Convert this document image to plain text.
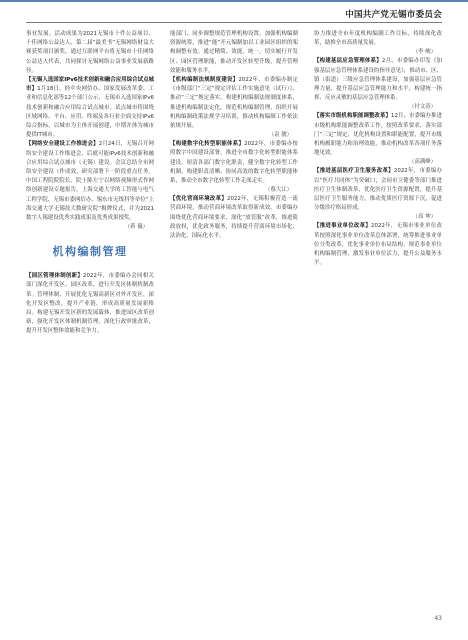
中国共产党无锡市委员会

事业发展。活动成果为2021无锡市十件公益项目、十佳网络公益达人、第二届“最美书”无锡网络财益大赛获奖项目颁奖，通过互联网平台将无锡市十佳网络公益达人代表，共同探讨无锡网络公益事业发展新路径。

【无锡入选国家IPv6技术创新和融合应用综合试点城市】1月18日，经中央网信办、国家发展改革委、工业和信息化部等12个部门公示，无锡市入选国家IPv6技术创新和融合应用综合试点城市。试点城市将围绕区域网络、平台、应用、终端及各行业全面支持IPv6综合指标，以城市为主体开展创建，中期并体为城市提供IT城市。

【网络安全建设工作推进会】2月24日，无锡召开网络安全建设工作推进会。后就可能IPv6技术创新和融合应用综合试点城市（无锡）建设。会议总结全市网络安全建设（作成效，研究部署下一阶段重点任务。中国工程院院院长、院士陈左宁以网络视频形式作网络创新建设专题报告。上海交通大学的工智能与电气工程学院、无锡市委网信办、锡东市无线科等单位“上海交通大学无锡技大数研究院”揭牌仪式，并为2021数字人锡建设优秀实践成果及优秀成果授奖。

（蒋 薇）

机构编制管理

【园区管理体制创新】2022年，市委编办会同相关部门深化开发区、园区改革，进行开发区体制机制改革。管理体制、开展优化无锡高新区对外开发区，深化开发区整改，提升产业链，形成高质量发展新格局。构建无锡开发区新的发展载体，推进园区改革创新，强化开发区体制机制管理，深化行政审批改革，提升开发区整体效能和竞争力。

能部门、同步调整规范管理机构设置，加强机构编制资源统筹，推进“能”开元编制加以工业园区组织的架构调整有效。通过精简、效能、统一。切实履行开发区、园区管理职能，推动开发区转型升级，提升管理效能和服务水平。

【机构编制法规制度建设】2022年，市委编办制定《市级部门“三定”规定评估工作实施意见（试行）》、推动“三定”规定落实。构建机构编制法规制度体系，推进机构编制法定化，规范机构编制管理，组织开展机构编制政策法规学习培训，推动机构编制工作依法依规开展。

（袁 靓）

【构建数字化转型职能体系】2022年，市委编办按照数字中国建设部署，推进全市数字化转型职能体系建设，厘清各部门数字化职责，健全数字化转型工作机制，构建职责清晰、协同高效的数字化转型职能体系，推动全市数字化转型工作走深走实。

（蔡大江）

【优化营商环境改革】2022年，无锡积极营造一流营商环境，推动营商环境改革取得新成效。市委编办围绕优化营商环境要求，深化“放管服”改革，推进简政放权，优化政务服务，持续提升营商环境市场化、法治化、国际化水平。

协力推进全市年度机构编制工作目标，持续深化改革，助推全市高质量发展。

（李 峻）

【构建基层应急管理体系】2月，市委编办印发《加强基层应急管理体系建设的指导意见》，推动市、区、镇（街道）三级应急管理体系建设，加强基层应急管理力量，提升基层应急管理能力和水平，构建统一指挥、反应灵敏的基层应急管理体系。

（付文涛）

【落实市级机构职能调整改革】12月，市委编办推进市级机构职能调整改革工作，按照改革要求，落实部门“三定”规定，优化机构设置和职能配置，提升市级机构履职能力和治理效能，推动机构改革各项任务落地见效。

（高满峰）

【推进基层医疗卫生服务改革】2022年，市委编办以“医疗共同体”为突破口，会同市卫健委等部门推进医疗卫生体制改革，优化医疗卫生资源配置，提升基层医疗卫生服务能力，推动优质医疗资源下沉，促进分级诊疗格局形成。

（高 坤）

【推进事业单位改革】2022年，无锡市事业单位改革按照深化事业单位改革总体部署，统筹推进事业单位分类改革，优化事业单位布局结构，规范事业单位机构编制管理，激发事业单位活力，提升公益服务水平。

43
